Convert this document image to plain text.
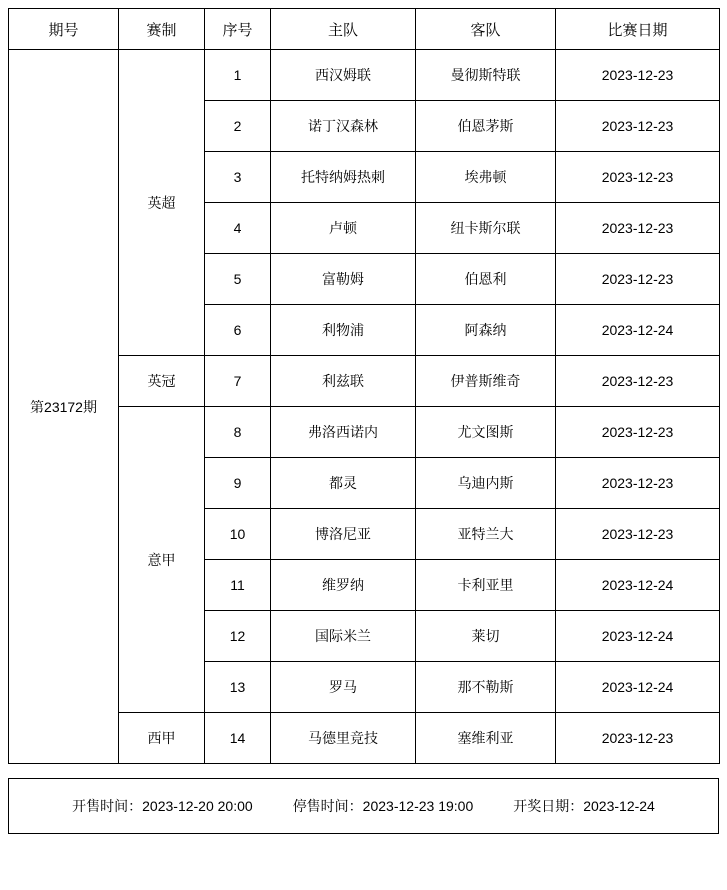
期号	赛制	序号	主队	客队	比赛日期
第23172期	英超	1	西汉姆联	曼彻斯特联	2023-12-23
		2	诺丁汉森林	伯恩茅斯	2023-12-23
		3	托特纳姆热刺	埃弗顿	2023-12-23
		4	卢顿	纽卡斯尔联	2023-12-23
		5	富勒姆	伯恩利	2023-12-23
		6	利物浦	阿森纳	2023-12-24
	英冠	7	利兹联	伊普斯维奇	2023-12-23
	意甲	8	弗洛西诺内	尤文图斯	2023-12-23
		9	都灵	乌迪内斯	2023-12-23
		10	博洛尼亚	亚特兰大	2023-12-23
		11	维罗纳	卡利亚里	2023-12-24
		12	国际米兰	莱切	2023-12-24
		13	罗马	那不勒斯	2023-12-24
	西甲	14	马德里竞技	塞维利亚	2023-12-23
开售时间：2023-12-20 20:00	停售时间：2023-12-23 19:00	开奖日期：2023-12-24
